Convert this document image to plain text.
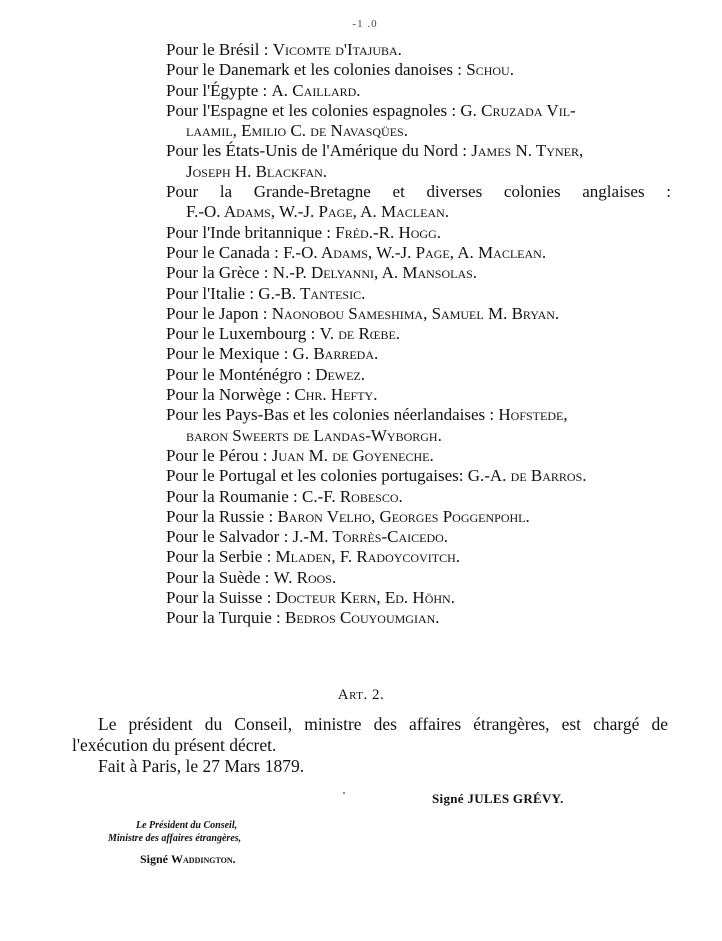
-1 .0
Pour le Brésil : Vicomte d'Itajuba.
Pour le Danemark et les colonies danoises : Schou.
Pour l'Égypte : A. Caillard.
Pour l'Espagne et les colonies espagnoles : G. Cruzada Vil-
laamil, Emilio C. de Navasqües.
Pour les États-Unis de l'Amérique du Nord : James N. Tyner,
Joseph H. Blackfan.
Pour la Grande-Bretagne et diverses colonies anglaises :
F.-O. Adams, W.-J. Page, A. Maclean.
Pour l'Inde britannique : Fréd.-R. Hogg.
Pour le Canada : F.-O. Adams, W.-J. Page, A. Maclean.
Pour la Grèce : N.-P. Delyanni, A. Mansolas.
Pour l'Italie : G.-B. Tantesic.
Pour le Japon : Naonobou Sameshima, Samuel M. Bryan.
Pour le Luxembourg : V. de Rœbe.
Pour le Mexique : G. Barreda.
Pour le Monténégro : Dewez.
Pour la Norwège : Chr. Hefty.
Pour les Pays-Bas et les colonies néerlandaises : Hofstede,
baron Sweerts de Landas-Wyborgh.
Pour le Pérou : Juan M. de Goyeneche.
Pour le Portugal et les colonies portugaises: G.-A. de Barros.
Pour la Roumanie : C.-F. Robesco.
Pour la Russie : Baron Velho, Georges Poggenpohl.
Pour le Salvador : J.-M. Torrès-Caicedo.
Pour la Serbie : Mladen, F. Radoycovitch.
Pour la Suède : W. Roos.
Pour la Suisse : Docteur Kern, Ed. Höhn.
Pour la Turquie : Bedros Couyoumgian.
Art. 2.
Le président du Conseil, ministre des affaires étrangères, est chargé de l'exécution du présent décret.
Fait à Paris, le 27 Mars 1879.
Signé JULES GRÉVY.
Le Président du Conseil,
Ministre des affaires étrangères,
Signé Waddington.
